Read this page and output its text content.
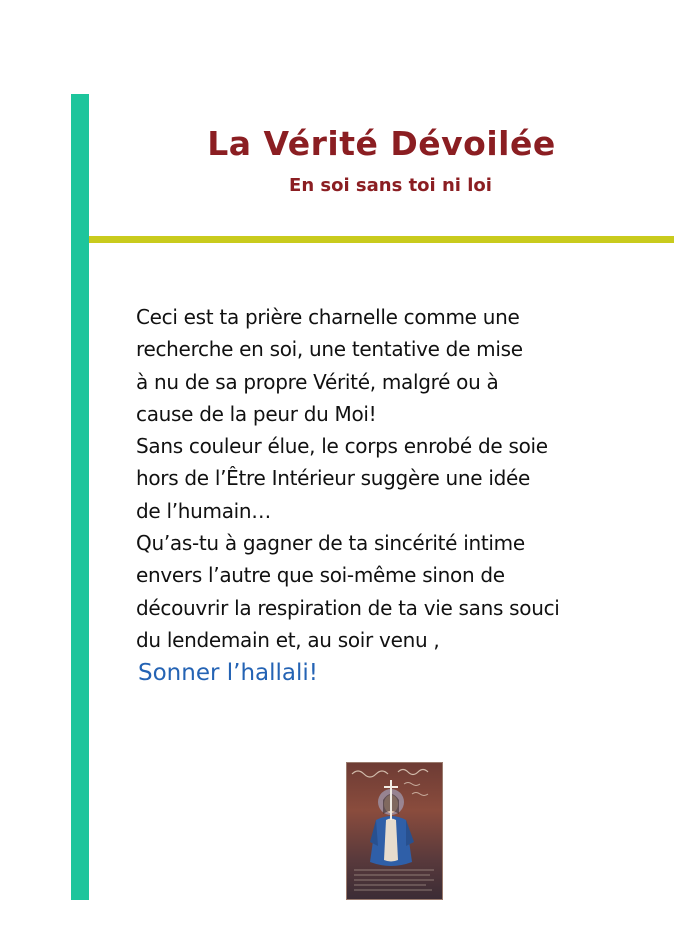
La Vérité Dévoilée
En soi sans toi ni loi
Ceci est ta prière charnelle comme une
recherche en soi, une tentative de mise
à nu de sa propre Vérité, malgré ou à
cause de la peur du Moi!
Sans couleur élue, le corps enrobé de soie
hors de l’Être Intérieur suggère une idée
de l’humain…
Qu’as-tu à gagner de ta sincérité intime
envers l’autre que soi-même sinon de
découvrir la respiration de ta vie sans souci
du lendemain et, au soir venu ,
Sonner l’hallali!
